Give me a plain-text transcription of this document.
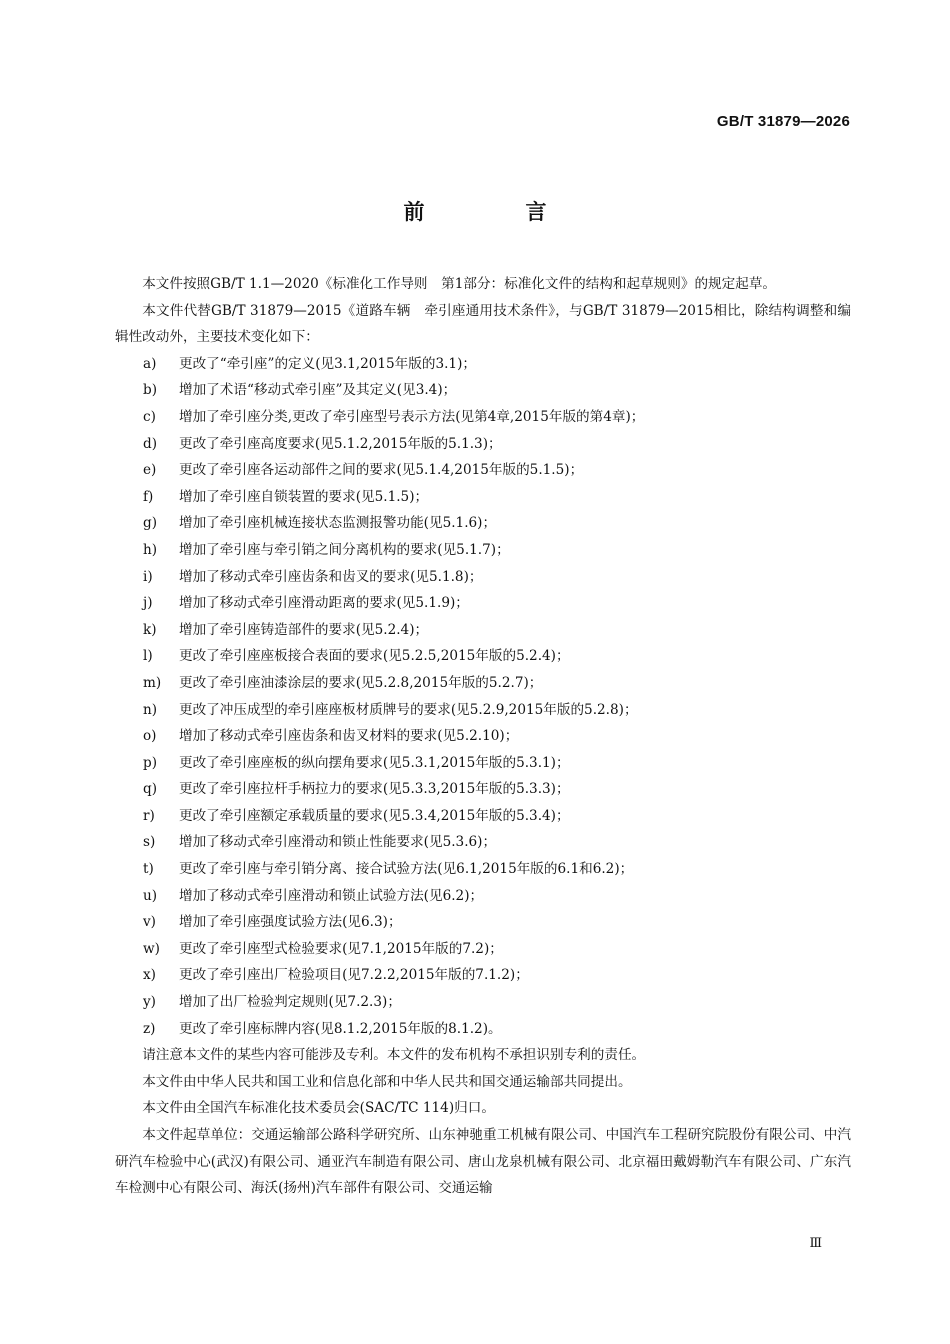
GB/T 31879—2026
前　言

本文件按照GB/T 1.1—2020《标准化工作导则　第1部分：标准化文件的结构和起草规则》的规定起草。

本文件代替GB/T 31879—2015《道路车辆　牵引座通用技术条件》，与GB/T 31879—2015相比，除结构调整和编辑性改动外，主要技术变化如下：

a)	更改了“牵引座”的定义(见3.1,2015年版的3.1)；
b)	增加了术语“移动式牵引座”及其定义(见3.4)；
c)	增加了牵引座分类,更改了牵引座型号表示方法(见第4章,2015年版的第4章)；
d)	更改了牵引座高度要求(见5.1.2,2015年版的5.1.3)；
e)	更改了牵引座各运动部件之间的要求(见5.1.4,2015年版的5.1.5)；
f)	增加了牵引座自锁装置的要求(见5.1.5)；
g)	增加了牵引座机械连接状态监测报警功能(见5.1.6)；
h)	增加了牵引座与牵引销之间分离机构的要求(见5.1.7)；
i)	增加了移动式牵引座齿条和齿叉的要求(见5.1.8)；
j)	增加了移动式牵引座滑动距离的要求(见5.1.9)；
k)	增加了牵引座铸造部件的要求(见5.2.4)；
l)	更改了牵引座座板接合表面的要求(见5.2.5,2015年版的5.2.4)；
m)	更改了牵引座油漆涂层的要求(见5.2.8,2015年版的5.2.7)；
n)	更改了冲压成型的牵引座座板材质牌号的要求(见5.2.9,2015年版的5.2.8)；
o)	增加了移动式牵引座齿条和齿叉材料的要求(见5.2.10)；
p)	更改了牵引座座板的纵向摆角要求(见5.3.1,2015年版的5.3.1)；
q)	更改了牵引座拉杆手柄拉力的要求(见5.3.3,2015年版的5.3.3)；
r)	更改了牵引座额定承载质量的要求(见5.3.4,2015年版的5.3.4)；
s)	增加了移动式牵引座滑动和锁止性能要求(见5.3.6)；
t)	更改了牵引座与牵引销分离、接合试验方法(见6.1,2015年版的6.1和6.2)；
u)	增加了移动式牵引座滑动和锁止试验方法(见6.2)；
v)	增加了牵引座强度试验方法(见6.3)；
w)	更改了牵引座型式检验要求(见7.1,2015年版的7.2)；
x)	更改了牵引座出厂检验项目(见7.2.2,2015年版的7.1.2)；
y)	增加了出厂检验判定规则(见7.2.3)；
z)	更改了牵引座标牌内容(见8.1.2,2015年版的8.1.2)。

请注意本文件的某些内容可能涉及专利。本文件的发布机构不承担识别专利的责任。

本文件由中华人民共和国工业和信息化部和中华人民共和国交通运输部共同提出。

本文件由全国汽车标准化技术委员会(SAC/TC 114)归口。

本文件起草单位：交通运输部公路科学研究所、山东神驰重工机械有限公司、中国汽车工程研究院股份有限公司、中汽研汽车检验中心(武汉)有限公司、通亚汽车制造有限公司、唐山龙泉机械有限公司、北京福田戴姆勒汽车有限公司、广东汽车检测中心有限公司、海沃(扬州)汽车部件有限公司、交通运输

Ⅲ
